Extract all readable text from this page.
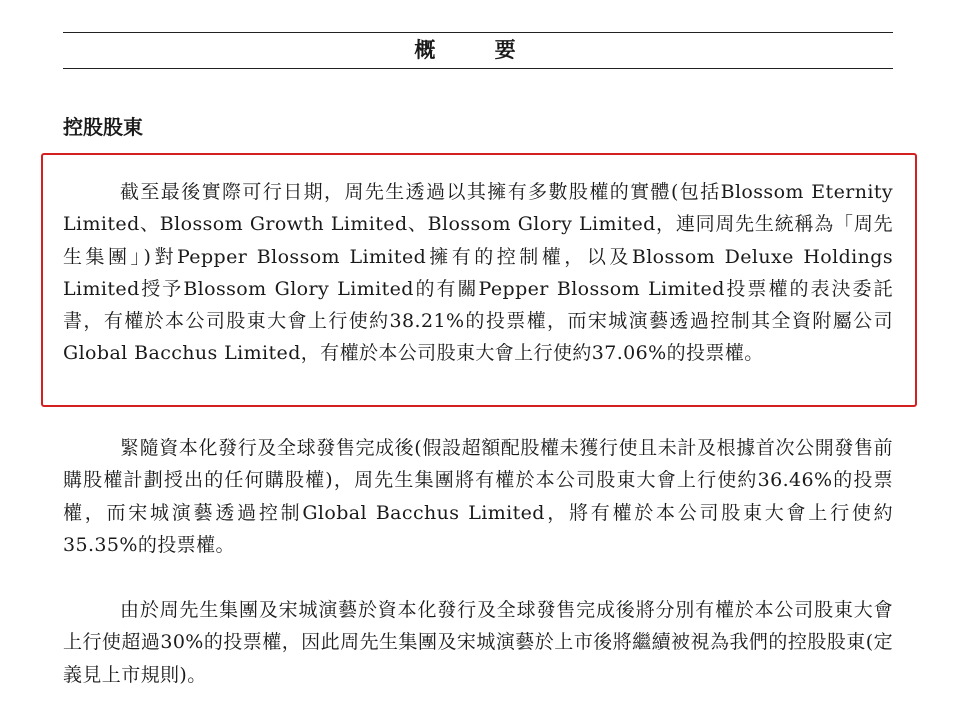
概 要
控股股東

截至最後實際可行日期，周先生透過以其擁有多數股權的實體(包括Blossom Eternity Limited、Blossom Growth Limited、Blossom Glory Limited，連同周先生統稱為「周先生集團」)對Pepper Blossom Limited擁有的控制權，以及Blossom Deluxe Holdings Limited授予Blossom Glory Limited的有關Pepper Blossom Limited投票權的表決委託書，有權於本公司股東大會上行使約38.21%的投票權，而宋城演藝透過控制其全資附屬公司Global Bacchus Limited，有權於本公司股東大會上行使約37.06%的投票權。

緊隨資本化發行及全球發售完成後(假設超額配股權未獲行使且未計及根據首次公開發售前購股權計劃授出的任何購股權)，周先生集團將有權於本公司股東大會上行使約36.46%的投票權，而宋城演藝透過控制Global Bacchus Limited，將有權於本公司股東大會上行使約35.35%的投票權。

由於周先生集團及宋城演藝於資本化發行及全球發售完成後將分別有權於本公司股東大會上行使超過30%的投票權，因此周先生集團及宋城演藝於上市後將繼續被視為我們的控股股東(定義見上市規則)。
